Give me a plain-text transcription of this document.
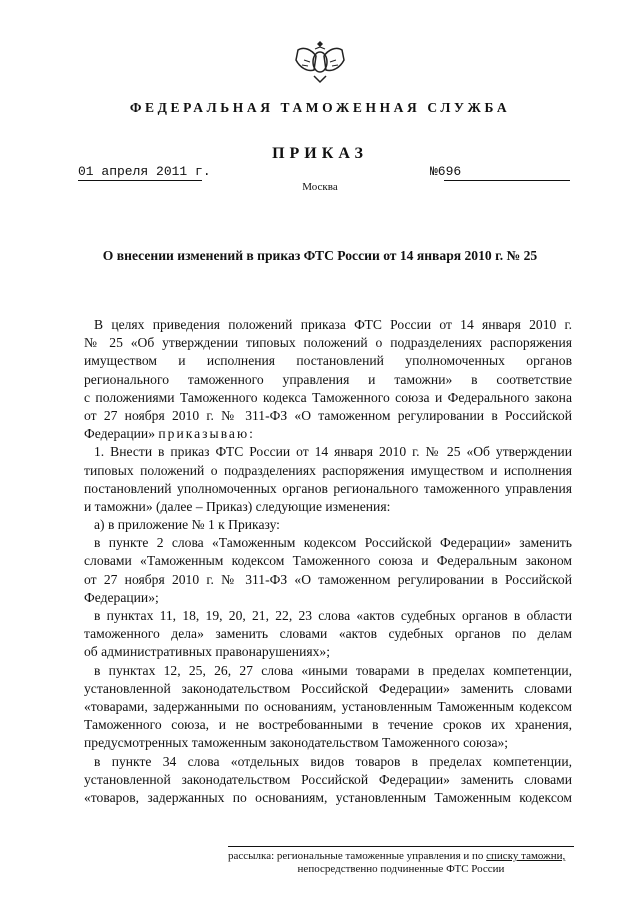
ФЕДЕРАЛЬНАЯ ТАМОЖЕННАЯ СЛУЖБА
ПРИКАЗ
01 апреля 2011 г.	№696
Москва
О внесении изменений в приказ ФТС России от 14 января 2010 г. № 25
В целях приведения положений приказа ФТС России от 14 января 2010 г.
№ 25 «Об утверждении типовых положений о подразделениях распоряжения
имуществом и исполнения постановлений уполномоченных органов
регионального таможенного управления и таможни» в соответствие
с положениями Таможенного кодекса Таможенного союза и Федерального закона
от 27 ноября 2010 г. № 311-ФЗ «О таможенном регулировании в Российской
Федерации» приказываю:
1. Внести в приказ ФТС России от 14 января 2010 г. № 25 «Об утверждении
типовых положений о подразделениях распоряжения имуществом и исполнения
постановлений уполномоченных органов регионального таможенного управления
и таможни» (далее – Приказ) следующие изменения:
а) в приложение № 1 к Приказу:
в пункте 2 слова «Таможенным кодексом Российской Федерации» заменить
словами «Таможенным кодексом Таможенного союза и Федеральным законом
от 27 ноября 2010 г. № 311-ФЗ «О таможенном регулировании в Российской
Федерации»;
в пунктах 11, 18, 19, 20, 21, 22, 23 слова «актов судебных органов в области
таможенного дела» заменить словами «актов судебных органов по делам
об административных правонарушениях»;
в пунктах 12, 25, 26, 27 слова «иными товарами в пределах компетенции,
установленной законодательством Российской Федерации» заменить словами
«товарами, задержанными по основаниям, установленным Таможенным кодексом
Таможенного союза, и не востребованными в течение сроков их хранения,
предусмотренных таможенным законодательством Таможенного союза»;
в пункте 34 слова «отдельных видов товаров в пределах компетенции,
установленной законодательством Российской Федерации» заменить словами
«товаров, задержанных по основаниям, установленным Таможенным кодексом
рассылка: региональные таможенные управления и по списку таможни,
непосредственно подчиненные ФТС России
